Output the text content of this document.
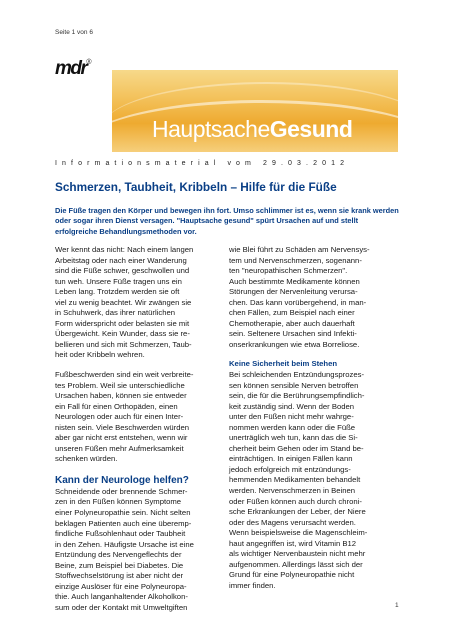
Seite 1 von 6
mdr®
HauptsacheGesund
Informationsmaterial vom 29.03.2012
Schmerzen, Taubheit, Kribbeln – Hilfe für die Füße

Die Füße tragen den Körper und bewegen ihn fort. Umso schlimmer ist es, wenn sie krank werden oder sogar ihren Dienst versagen. "Hauptsache gesund" spürt Ursachen auf und stellt erfolgreiche Behandlungsmethoden vor.

Wer kennt das nicht: Nach einem langen
Arbeitstag oder nach einer Wanderung
sind die Füße schwer, geschwollen und
tun weh. Unsere Füße tragen uns ein
Leben lang. Trotzdem werden sie oft
viel zu wenig beachtet. Wir zwängen sie
in Schuhwerk, das ihrer natürlichen
Form widerspricht oder belasten sie mit
Übergewicht. Kein Wunder, dass sie re-
bellieren und sich mit Schmerzen, Taub-
heit oder Kribbeln wehren.

Fußbeschwerden sind ein weit verbreite-
tes Problem. Weil sie unterschiedliche
Ursachen haben, können sie entweder
ein Fall für einen Orthopäden, einen
Neurologen oder auch für einen Inter-
nisten sein. Viele Beschwerden würden
aber gar nicht erst entstehen, wenn wir
unseren Füßen mehr Aufmerksamkeit
schenken würden.

Kann der Neurologe helfen?

Schneidende oder brennende Schmer-
zen in den Füßen können Symptome
einer Polyneuropathie sein. Nicht selten
beklagen Patienten auch eine überemp-
findliche Fußsohlenhaut oder Taubheit
in den Zehen. Häufigste Ursache ist eine
Entzündung des Nervengeflechts der
Beine, zum Beispiel bei Diabetes. Die
Stoffwechselstörung ist aber nicht der
einzige Auslöser für eine Polyneuropa-
thie. Auch langanhaltender Alkoholkon-
sum oder der Kontakt mit Umweltgiften

wie Blei führt zu Schäden am Nervensys-
tem und Nervenschmerzen, sogenann-
ten "neuropathischen Schmerzen".
Auch bestimmte Medikamente können
Störungen der Nervenleitung verursa-
chen. Das kann vorübergehend, in man-
chen Fällen, zum Beispiel nach einer
Chemotherapie, aber auch dauerhaft
sein. Seltenere Ursachen sind Infekti-
onserkrankungen wie etwa Borreliose.

Keine Sicherheit beim Stehen

Bei schleichenden Entzündungsprozes-
sen können sensible Nerven betroffen
sein, die für die Berührungsempfindlich-
keit zuständig sind. Wenn der Boden
unter den Füßen nicht mehr wahrge-
nommen werden kann oder die Füße
unerträglich weh tun, kann das die Si-
cherheit beim Gehen oder im Stand be-
einträchtigen. In einigen Fällen kann
jedoch erfolgreich mit entzündungs-
hemmenden Medikamenten behandelt
werden. Nervenschmerzen in Beinen
oder Füßen können auch durch chroni-
sche Erkrankungen der Leber, der Niere
oder des Magens verursacht werden.
Wenn beispielsweise die Magenschleim-
haut angegriffen ist, wird Vitamin B12
als wichtiger Nervenbaustein nicht mehr
aufgenommen. Allerdings lässt sich der
Grund für eine Polyneuropathie nicht
immer finden.

1
